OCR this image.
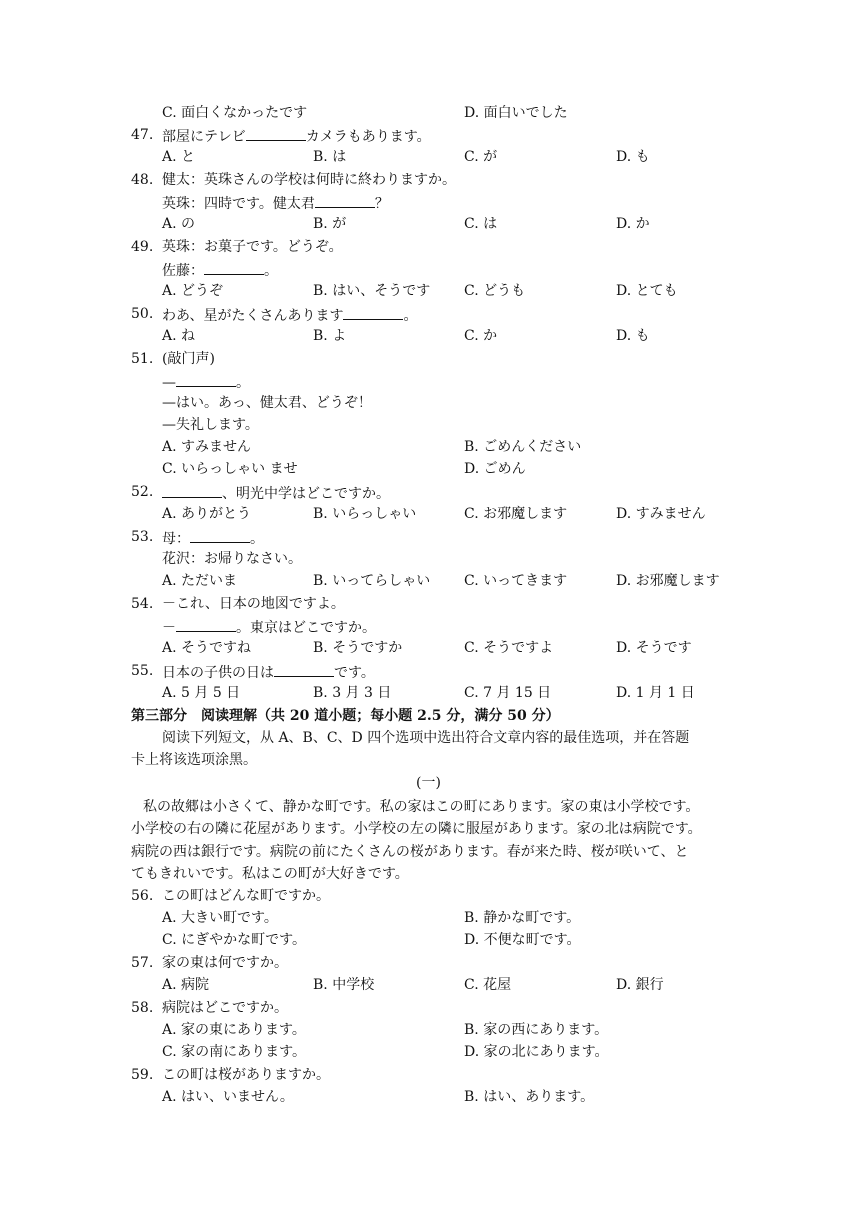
C. 面白くなかったです	D. 面白いでした
47. 部屋にテレビ	カメラもあります。
A. と	B. は	C. が	D. も
48. 健太：英珠さんの学校は何時に終わりますか。
英珠：四時です。健太君	？
A. の	B. が	C. は	D. か
49. 英珠：お菓子です。どうぞ。
佐藤：	。
A. どうぞ	B. はい、そうです C. どうも	D. とても
50. わあ、星がたくさんあります	。
A. ね	B. よ	C. か	D. も
51. (敲门声)
—	。
—はい。あっ、健太君、どうぞ！
—失礼します。
A. すみません	B. ごめんください
C. いらっしゃい ませ	D. ごめん
52.	、明光中学はどこですか。
A. ありがとう	B. いらっしゃい	C. お邪魔します	D. すみません
53. 母：	。
花沢：お帰りなさい。
A. ただいま	B. いってらしゃい C. いってきます	D. お邪魔します
54. －これ、日本の地図ですよ。
－	。東京はどこですか。
A. そうですね	B. そうですか	C. そうですよ	D. そうです
55. 日本の子供の日は	です。
A. 5 月 5 日	B. 3 月 3 日	C. 7 月 15 日	D. 1 月 1 日
第三部分　阅读理解（共 20 道小题；每小题 2.5 分，满分 50 分）
阅读下列短文，从 A、B、C、D 四个选项中选出符合文章内容的最佳选项，并在答题
卡上将该选项涂黑。
(一)
私の故郷は小さくて、静かな町です。私の家はこの町にあります。家の東は小学校です。
小学校の右の隣に花屋があります。小学校の左の隣に服屋があります。家の北は病院です。
病院の西は銀行です。病院の前にたくさんの桜があります。春が来た時、桜が咲いて、と
てもきれいです。私はこの町が大好きです。
56. この町はどんな町ですか。
A. 大きい町です。	B. 静かな町です。
C. にぎやかな町です。	D. 不便な町です。
57. 家の東は何ですか。
A. 病院	B. 中学校	C. 花屋	D. 銀行
58. 病院はどこですか。
A. 家の東にあります。	B. 家の西にあります。
C. 家の南にあります。	D. 家の北にあります。
59. この町は桜がありますか。
A. はい、いません。	B. はい、あります。
